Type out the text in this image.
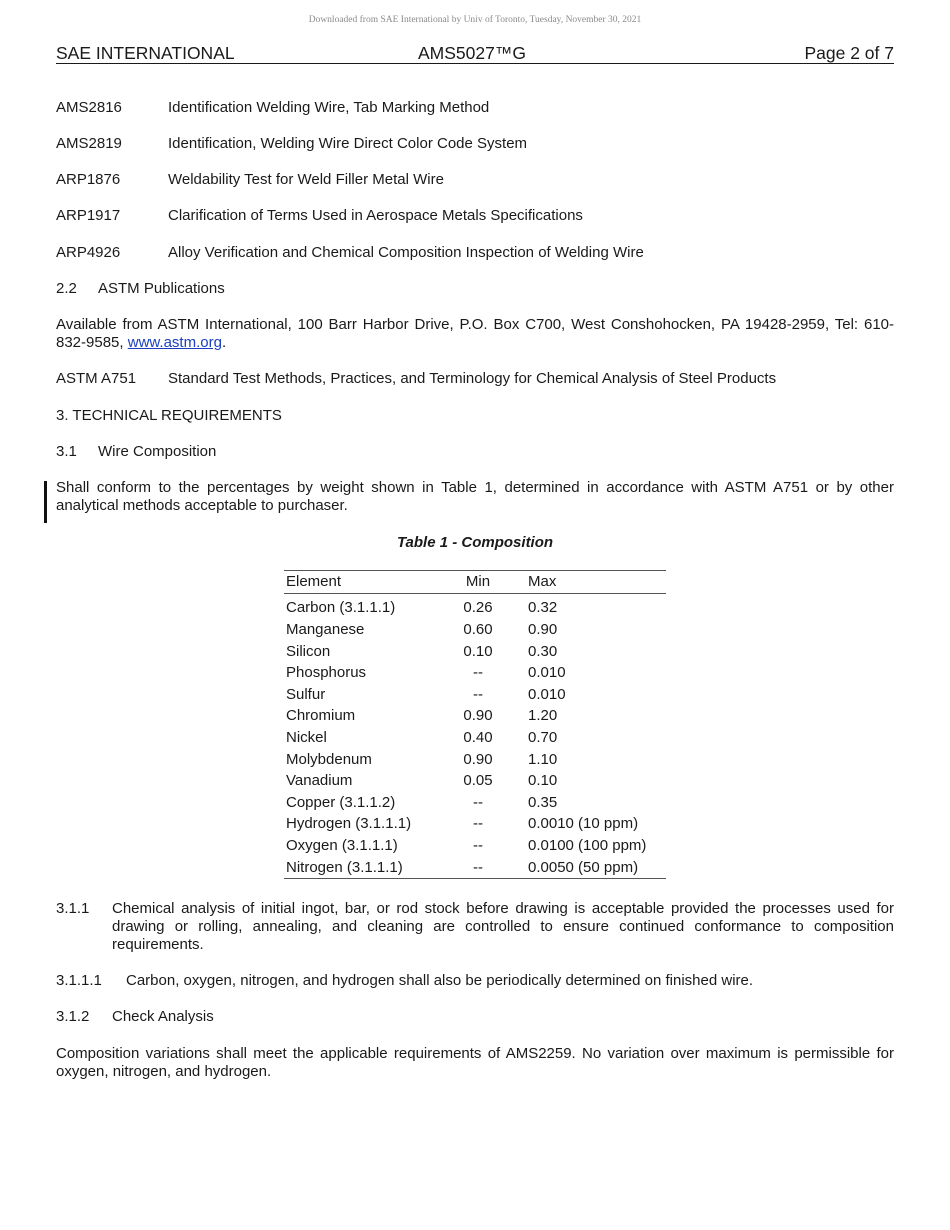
Downloaded from SAE International by Univ of Toronto, Tuesday, November 30, 2021
SAE INTERNATIONAL	AMS5027™G	Page 2 of 7
AMS2816	Identification Welding Wire, Tab Marking Method
AMS2819	Identification, Welding Wire Direct Color Code System
ARP1876	Weldability Test for Weld Filler Metal Wire
ARP1917	Clarification of Terms Used in Aerospace Metals Specifications
ARP4926	Alloy Verification and Chemical Composition Inspection of Welding Wire
2.2 ASTM Publications
Available from ASTM International, 100 Barr Harbor Drive, P.O. Box C700, West Conshohocken, PA 19428-2959, Tel: 610-832-9585, www.astm.org.
ASTM A751 Standard Test Methods, Practices, and Terminology for Chemical Analysis of Steel Products
3. TECHNICAL REQUIREMENTS
3.1 Wire Composition
Shall conform to the percentages by weight shown in Table 1, determined in accordance with ASTM A751 or by other analytical methods acceptable to purchaser.
Table 1 - Composition
Element	Min	Max
Carbon (3.1.1.1)	0.26	0.32
Manganese	0.60	0.90
Silicon	0.10	0.30
Phosphorus	--	0.010
Sulfur	--	0.010
Chromium	0.90	1.20
Nickel	0.40	0.70
Molybdenum	0.90	1.10
Vanadium	0.05	0.10
Copper (3.1.1.2)	--	0.35
Hydrogen (3.1.1.1)	--	0.0010 (10 ppm)
Oxygen (3.1.1.1)	--	0.0100 (100 ppm)
Nitrogen (3.1.1.1)	--	0.0050 (50 ppm)
3.1.1 Chemical analysis of initial ingot, bar, or rod stock before drawing is acceptable provided the processes used for drawing or rolling, annealing, and cleaning are controlled to ensure continued conformance to composition requirements.
3.1.1.1 Carbon, oxygen, nitrogen, and hydrogen shall also be periodically determined on finished wire.
3.1.2 Check Analysis
Composition variations shall meet the applicable requirements of AMS2259. No variation over maximum is permissible for oxygen, nitrogen, and hydrogen.
